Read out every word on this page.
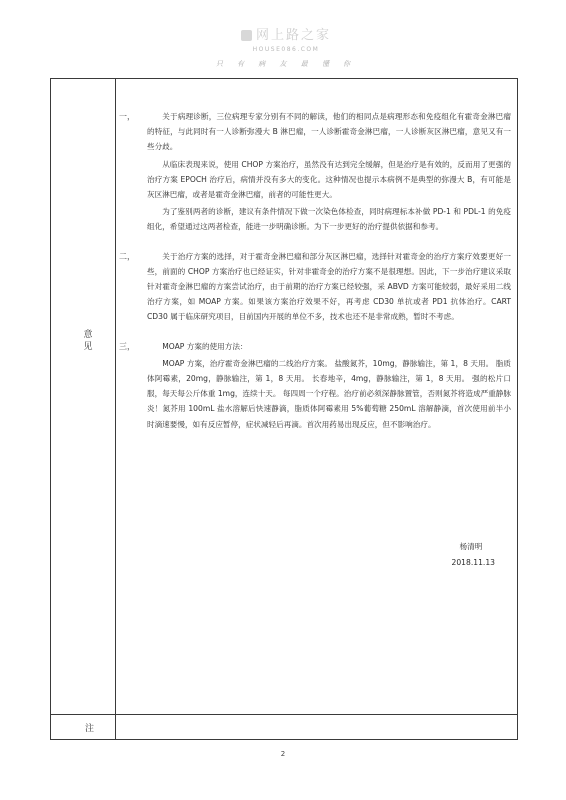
网上路之家
HOUSE086.COM
只 有 病 友 最 懂 你
意见
注
一，	关于病理诊断，三位病理专家分别有不同的解读，他们的相同点是病理形态和免疫组化有霍奇金淋巴瘤的特征，与此同时有一人诊断弥漫大 B 淋巴瘤，一人诊断霍奇金淋巴瘤，一人诊断灰区淋巴瘤，意见又有一些分歧。

从临床表现来说，使用 CHOP 方案治疗，虽然没有达到完全缓解，但是治疗是有效的，反而用了更强的治疗方案 EPOCH 治疗后，病情并没有多大的变化。这种情况也提示本病例不是典型的弥漫大 B，有可能是灰区淋巴瘤，或者是霍奇金淋巴瘤，前者的可能性更大。

为了鉴别两者的诊断，建议有条件情况下做一次染色体检查，同时病理标本补做 PD-1 和 PDL-1 的免疫组化，希望通过这两者检查，能进一步明确诊断。为下一步更好的治疗提供依据和参考。

二，	关于治疗方案的选择，对于霍奇金淋巴瘤和部分灰区淋巴瘤，选择针对霍奇金的治疗方案疗效要更好一些，前面的 CHOP 方案治疗也已经证实，针对非霍奇金的治疗方案不是很理想。因此，下一步治疗建议采取针对霍奇金淋巴瘤的方案尝试治疗，由于前期的治疗方案已经较强，采 ABVD 方案可能较弱，最好采用二线治疗方案，如 MOAP 方案。如果该方案治疗效果不好，再考虑 CD30 单抗或者 PD1 抗体治疗。CART CD30 属于临床研究项目，目前国内开展的单位不多，技术也还不是非常成熟，暂时不考虑。

三，	MOAP 方案的使用方法：

MOAP 方案，治疗霍奇金淋巴瘤的二线治疗方案。 盐酸氮芥，10mg，静脉输注，第 1，8 天用。 脂质体阿霉素，20mg，静脉输注，第 1，8 天用。 长春地辛，4mg，静脉输注，第 1，8 天用。 强的松片口服，每天每公斤体重 1mg，连续十天。 每四周一个疗程。治疗前必须深静脉置管，否则氮芥将造成严重静脉炎！氮芥用 100mL 盐水溶解后快速静滴，脂质体阿霉素用 5%葡萄糖 250mL 溶解静滴，首次使用前半小时滴速要慢，如有反应暂停，症状减轻后再滴。首次用药易出现反应，但不影响治疗。

杨清明
2018.11.13
2
